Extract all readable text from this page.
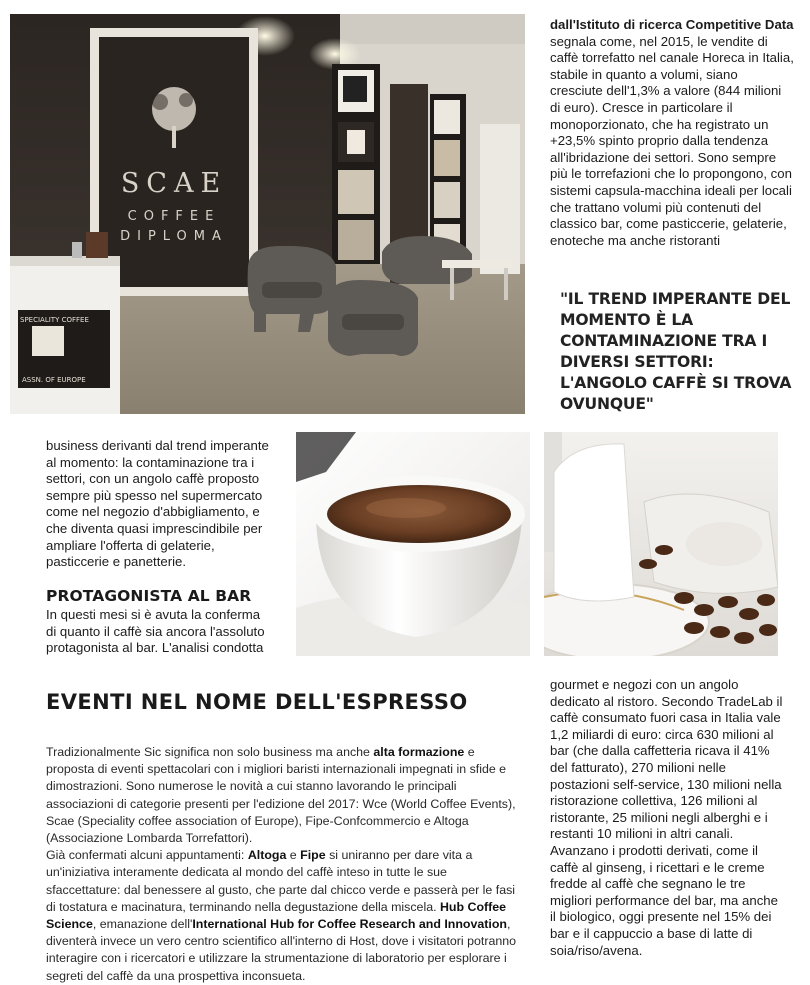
SCAE
COFFEE
DIPLOMA
SPECIALITY COFFEE
ASSN. OF EUROPE
dall'Istituto di ricerca Competitive Data segnala come, nel 2015, le vendite di caffè torrefatto nel canale Horeca in Italia, stabile in quanto a volumi, siano cresciute dell'1,3% a valore (844 milioni di euro). Cresce in particolare il monoporzionato, che ha registrato un +23,5% spinto proprio dalla tendenza all'ibridazione dei settori. Sono sempre più le torrefazioni che lo propongono, con sistemi capsula-macchina ideali per locali che trattano volumi più contenuti del classico bar, come pasticcerie, gelaterie, enoteche ma anche ristoranti
"IL TREND IMPERANTE DEL MOMENTO È LA CONTAMINAZIONE TRA I DIVERSI SETTORI: L'ANGOLO CAFFÈ SI TROVA OVUNQUE"
business derivanti dal trend imperante al momento: la contaminazione tra i settori, con un angolo caffè proposto sempre più spesso nel supermercato come nel negozio d'abbigliamento, e che diventa quasi imprescindibile per ampliare l'offerta di gelaterie, pasticcerie e panetterie.
PROTAGONISTA AL BAR
In questi mesi si è avuta la conferma di quanto il caffè sia ancora l'assoluto protagonista al bar. L'analisi condotta
EVENTI NEL NOME DELL'ESPRESSO
Tradizionalmente Sic significa non solo business ma anche alta formazione e proposta di eventi spettacolari con i migliori baristi internazionali impegnati in sfide e dimostrazioni. Sono numerose le novità a cui stanno lavorando le principali associazioni di categorie presenti per l'edizione del 2017: Wce (World Coffee Events), Scae (Speciality coffee association of Europe), Fipe-Confcommercio e Altoga (Associazione Lombarda Torrefattori).
Già confermati alcuni appuntamenti: Altoga e Fipe si uniranno per dare vita a un'iniziativa interamente dedicata al mondo del caffè inteso in tutte le sue sfaccettature: dal benessere al gusto, che parte dal chicco verde e passerà per le fasi di tostatura e macinatura, terminando nella degustazione della miscela. Hub Coffee Science, emanazione dell'International Hub for Coffee Research and Innovation, diventerà invece un vero centro scientifico all'interno di Host, dove i visitatori potranno interagire con i ricercatori e utilizzare la strumentazione di laboratorio per esplorare i segreti del caffè da una prospettiva inconsueta.
gourmet e negozi con un angolo dedicato al ristoro. Secondo TradeLab il caffè consumato fuori casa in Italia vale 1,2 miliardi di euro: circa 630 milioni al bar (che dalla caffetteria ricava il 41% del fatturato), 270 milioni nelle postazioni self-service, 130 milioni nella ristorazione collettiva, 126 milioni al ristorante, 25 milioni negli alberghi e i restanti 10 milioni in altri canali. Avanzano i prodotti derivati, come il caffè al ginseng, i ricettari e le creme fredde al caffè che segnano le tre migliori performance del bar, ma anche il biologico, oggi presente nel 15% dei bar e il cappuccio a base di latte di soia/riso/avena.
